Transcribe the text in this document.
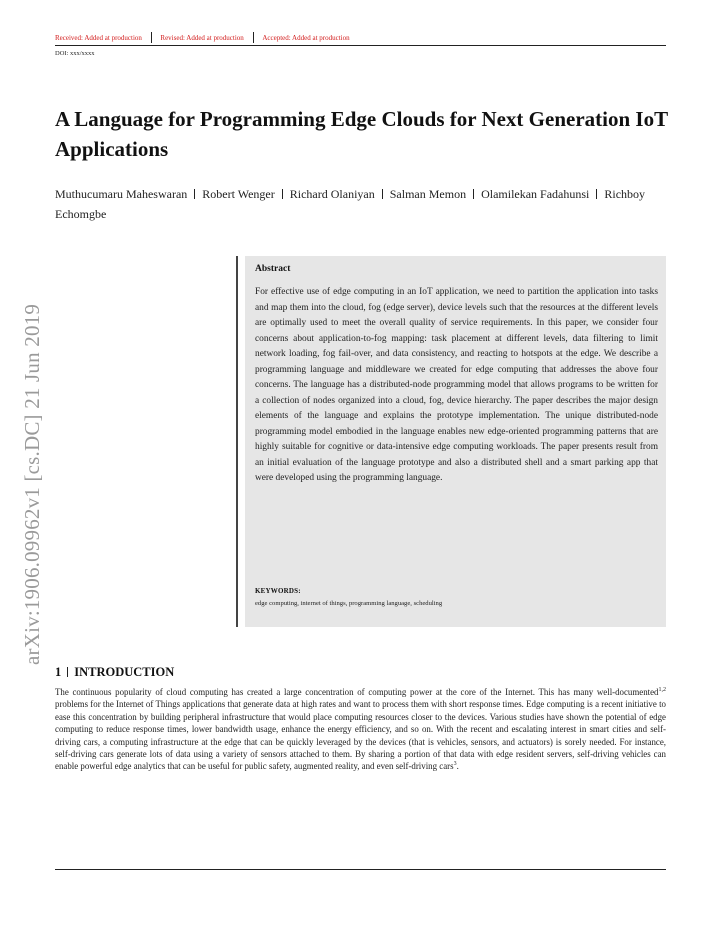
Received: Added at production	Revised: Added at production	Accepted: Added at production
DOI: xxx/xxxx
A Language for Programming Edge Clouds for Next Generation IoT Applications
Muthucumaru Maheswaran Robert Wenger Richard Olaniyan Salman Memon Olamilekan Fadahunsi Richboy Echomgbe
arXiv:1906.09962v1 [cs.DC] 21 Jun 2019
Abstract
For effective use of edge computing in an IoT application, we need to partition the application into tasks and map them into the cloud, fog (edge server), device levels such that the resources at the different levels are optimally used to meet the overall quality of service requirements. In this paper, we consider four concerns about application-to-fog mapping: task placement at different levels, data filtering to limit network loading, fog fail-over, and data consistency, and reacting to hotspots at the edge. We describe a programming language and middleware we created for edge computing that addresses the above four concerns. The language has a distributed-node programming model that allows programs to be written for a collection of nodes organized into a cloud, fog, device hierarchy. The paper describes the major design elements of the language and explains the prototype implementation. The unique distributed-node programming model embodied in the language enables new edge-oriented programming patterns that are highly suitable for cognitive or data-intensive edge computing workloads. The paper presents result from an initial evaluation of the language prototype and also a distributed shell and a smart parking app that were developed using the programming language.
KEYWORDS:
edge computing, internet of things, programming language, scheduling
1 INTRODUCTION
The continuous popularity of cloud computing has created a large concentration of computing power at the core of the Internet. This has many well-documented$^{1,2}$ problems for the Internet of Things applications that generate data at high rates and want to process them with short response times. Edge computing is a recent initiative to ease this concentration by building peripheral infrastructure that would place computing resources closer to the devices. Various studies have shown the potential of edge computing to reduce response times, lower bandwidth usage, enhance the energy efficiency, and so on. With the recent and escalating interest in smart cities and self-driving cars, a computing infrastructure at the edge that can be quickly leveraged by the devices (that is vehicles, sensors, and actuators) is sorely needed. For instance, self-driving cars generate lots of data using a variety of sensors attached to them. By sharing a portion of that data with edge resident servers, self-driving vehicles can enable powerful edge analytics that can be useful for public safety, augmented reality, and even self-driving cars$^3$.
